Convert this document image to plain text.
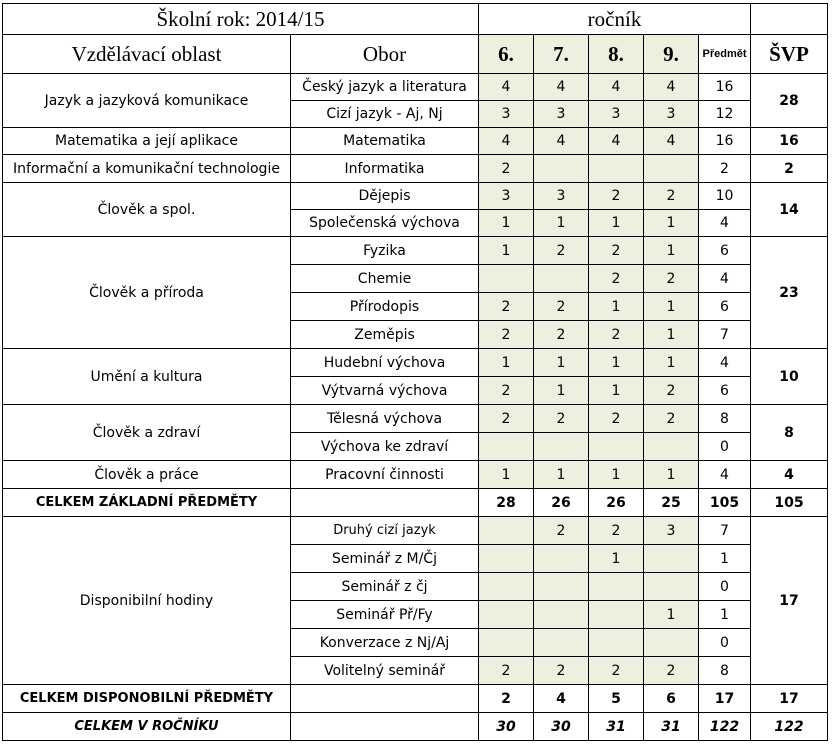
Školní rok: 2014/15		ročník					
Vzdělávací oblast	Obor	6.	7.	8.	9.	Předmět	ŠVP
Jazyk a jazyková komunikace	Český jazyk a literatura	4	4	4	4	16	28
	Cizí jazyk - Aj, Nj	3	3	3	3	12	
Matematika a její aplikace	Matematika	4	4	4	4	16	16
Informační a komunikační technologie	Informatika	2				2	2
Člověk a spol.	Dějepis	3	3	2	2	10	14
	Společenská výchova	1	1	1	1	4	
Člověk a příroda	Fyzika	1	2	2	1	6	23
	Chemie			2	2	4	
	Přírodopis	2	2	1	1	6	
	Zeměpis	2	2	2	1	7	
Umění a kultura	Hudební výchova	1	1	1	1	4	10
	Výtvarná výchova	2	1	1	2	6	
Člověk a zdraví	Tělesná výchova	2	2	2	2	8	8
	Výchova ke zdraví					0	
Člověk a práce	Pracovní činnosti	1	1	1	1	4	4
CELKEM ZÁKLADNÍ PŘEDMĚTY		28	26	26	25	105	105
Disponibilní hodiny	Druhý cizí jazyk		2	2	3	7	17
	Seminář z M/Čj			1		1	
	Seminář z čj					0	
	Seminář Př/Fy				1	1	
	Konverzace z Nj/Aj					0	
	Volitelný seminář	2	2	2	2	8	
CELKEM DISPONOBILNÍ PŘEDMĚTY		2	4	5	6	17	17
CELKEM V ROČNÍKU		30	30	31	31	122	122
